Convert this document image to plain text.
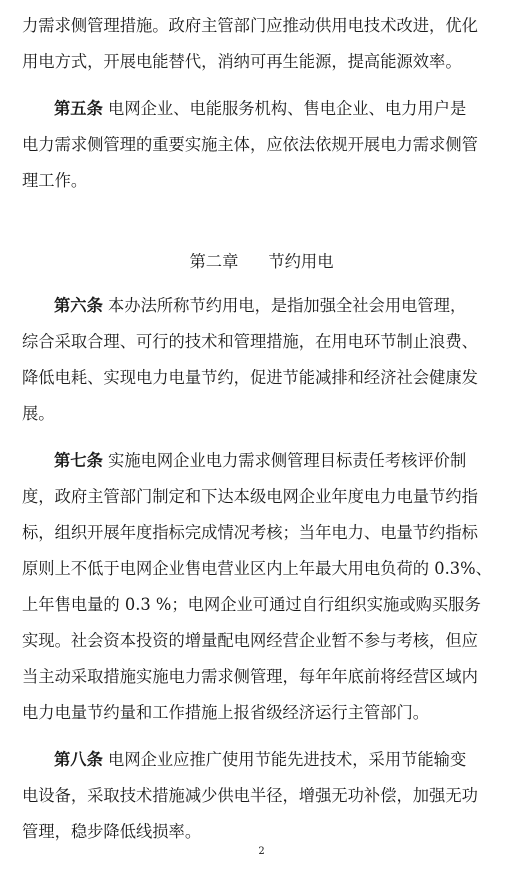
力需求侧管理措施。政府主管部门应推动供用电技术改进，优化
用电方式，开展电能替代，消纳可再生能源，提高能源效率。
第五条 电网企业、电能服务机构、售电企业、电力用户是
电力需求侧管理的重要实施主体，应依法依规开展电力需求侧管
理工作。
第二章 节约用电
第六条 本办法所称节约用电，是指加强全社会用电管理，
综合采取合理、可行的技术和管理措施，在用电环节制止浪费、
降低电耗、实现电力电量节约，促进节能减排和经济社会健康发
展。
第七条 实施电网企业电力需求侧管理目标责任考核评价制
度，政府主管部门制定和下达本级电网企业年度电力电量节约指
标，组织开展年度指标完成情况考核；当年电力、电量节约指标
原则上不低于电网企业售电营业区内上年最大用电负荷的 0.3%、
上年售电量的 0.3 %；电网企业可通过自行组织实施或购买服务
实现。社会资本投资的增量配电网经营企业暂不参与考核，但应
当主动采取措施实施电力需求侧管理，每年年底前将经营区域内
电力电量节约量和工作措施上报省级经济运行主管部门。
第八条 电网企业应推广使用节能先进技术，采用节能输变
电设备，采取技术措施减少供电半径，增强无功补偿，加强无功
管理，稳步降低线损率。
2
